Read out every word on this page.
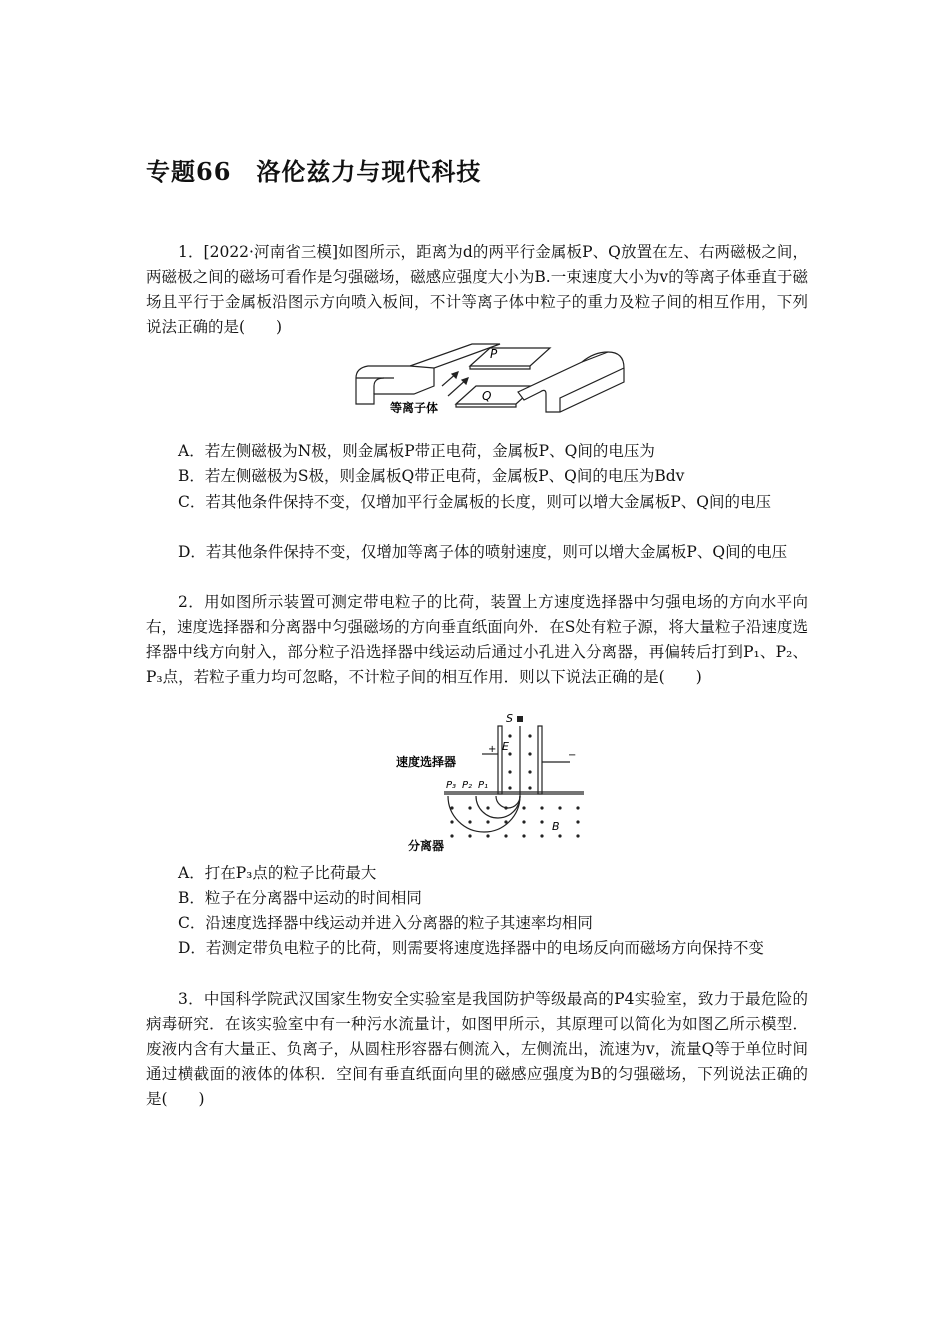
专题66　洛伦兹力与现代科技
1．[2022·河南省三模]如图所示，距离为d的两平行金属板P、Q放置在左、右两磁极之间，两磁极之间的磁场可看作是匀强磁场，磁感应强度大小为B.一束速度大小为v的等离子体垂直于磁场且平行于金属板沿图示方向喷入板间，不计等离子体中粒子的重力及粒子间的相互作用，下列说法正确的是(　　)
P
Q
等离子体
A．若左侧磁极为N极，则金属板P带正电荷，金属板P、Q间的电压为
B．若左侧磁极为S极，则金属板Q带正电荷，金属板P、Q间的电压为Bdv
C．若其他条件保持不变，仅增加平行金属板的长度，则可以增大金属板P、Q间的电压
D．若其他条件保持不变，仅增加等离子体的喷射速度，则可以增大金属板P、Q间的电压
2．用如图所示装置可测定带电粒子的比荷，装置上方速度选择器中匀强电场的方向水平向右，速度选择器和分离器中匀强磁场的方向垂直纸面向外．在S处有粒子源，将大量粒子沿速度选择器中线方向射入，部分粒子沿选择器中线运动后通过小孔进入分离器，再偏转后打到P₁、P₂、P₃点，若粒子重力均可忽略，不计粒子间的相互作用．则以下说法正确的是(　　)
S
E
+
−
速度选择器
P₃ P₂ P₁
B
分离器
A．打在P₃点的粒子比荷最大
B．粒子在分离器中运动的时间相同
C．沿速度选择器中线运动并进入分离器的粒子其速率均相同
D．若测定带负电粒子的比荷，则需要将速度选择器中的电场反向而磁场方向保持不变
3．中国科学院武汉国家生物安全实验室是我国防护等级最高的P4实验室，致力于最危险的病毒研究．在该实验室中有一种污水流量计，如图甲所示，其原理可以简化为如图乙所示模型．废液内含有大量正、负离子，从圆柱形容器右侧流入，左侧流出，流速为v，流量Q等于单位时间通过横截面的液体的体积．空间有垂直纸面向里的磁感应强度为B的匀强磁场，下列说法正确的是(　　)
